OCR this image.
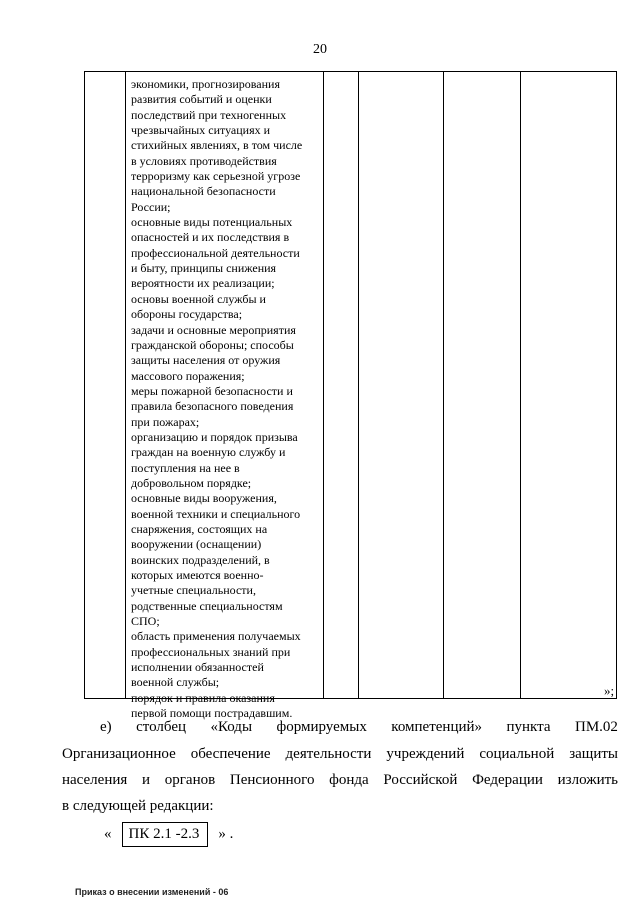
20
экономики, прогнозирования
развития событий и оценки
последствий при техногенных
чрезвычайных ситуациях и
стихийных явлениях, в том числе
в условиях противодействия
терроризму как серьезной угрозе
национальной безопасности
России;
основные виды потенциальных
опасностей и их последствия в
профессиональной деятельности
и быту, принципы снижения
вероятности их реализации;
основы военной службы и
обороны государства;
задачи и основные мероприятия
гражданской обороны; способы
защиты населения от оружия
массового поражения;
меры пожарной безопасности и
правила безопасного поведения
при пожарах;
организацию и порядок призыва
граждан на военную службу и
поступления на нее в
добровольном порядке;
основные виды вооружения,
военной техники и специального
снаряжения, состоящих на
вооружении (оснащении)
воинских подразделений, в
которых имеются военно-
учетные специальности,
родственные специальностям
СПО;
область применения получаемых
профессиональных знаний при
исполнении обязанностей
военной службы;
порядок и правила оказания
первой помощи пострадавшим.
»;
е) столбец «Коды формируемых компетенций» пункта ПМ.02
Организационное обеспечение деятельности учреждений социальной защиты
населения и органов Пенсионного фонда Российской Федерации изложить
в следующей редакции:
«	ПК 2.1 -2.3	» .
Приказ о внесении изменений - 06
